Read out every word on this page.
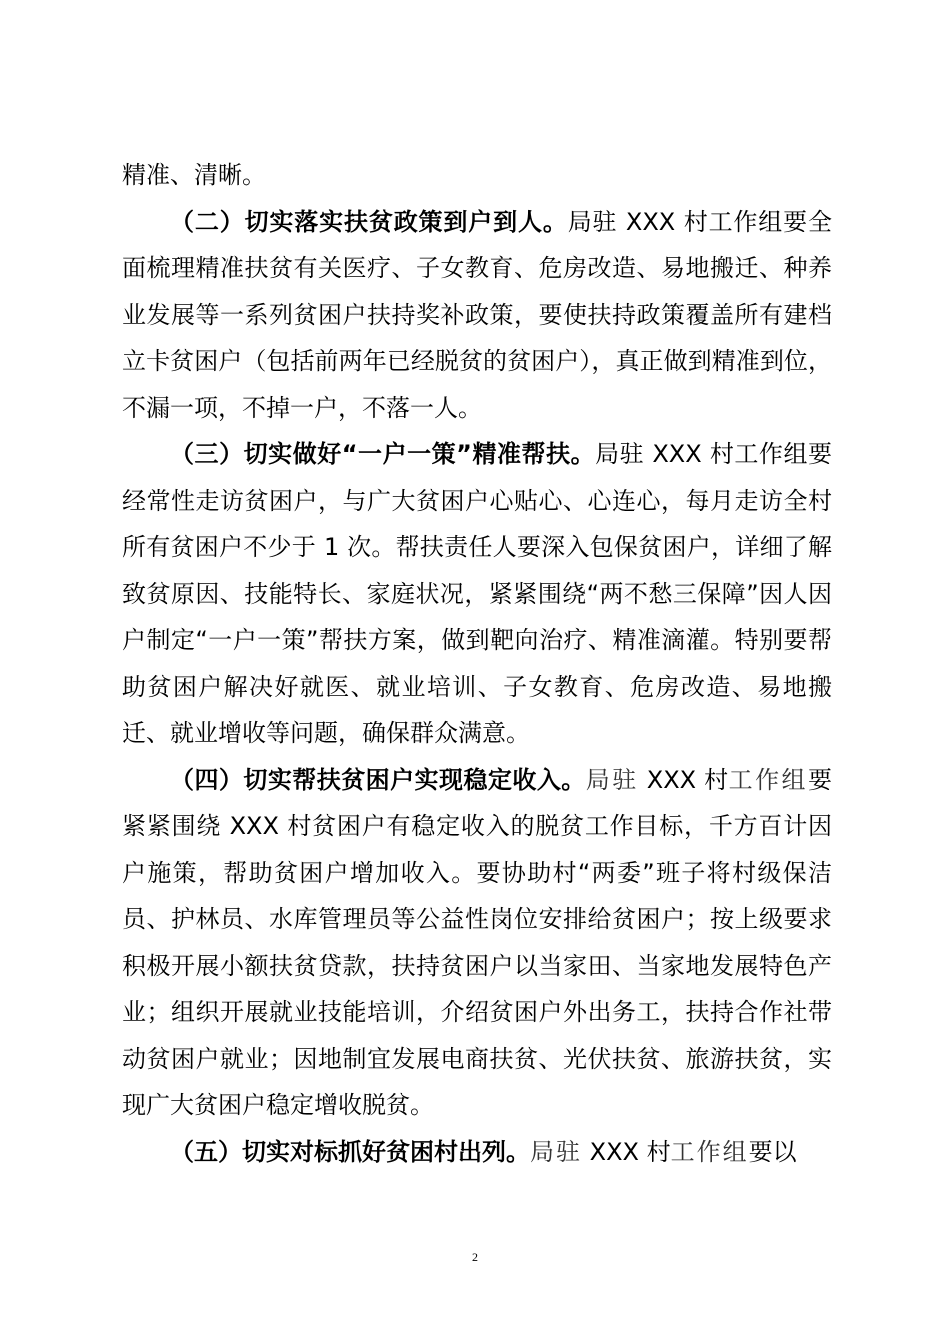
精准、清晰。

（二）切实落实扶贫政策到户到人。局驻 XXX 村工作组要全面梳理精准扶贫有关医疗、子女教育、危房改造、易地搬迁、种养业发展等一系列贫困户扶持奖补政策，要使扶持政策覆盖所有建档立卡贫困户（包括前两年已经脱贫的贫困户），真正做到精准到位，不漏一项，不掉一户，不落一人。

（三）切实做好“一户一策”精准帮扶。局驻 XXX 村工作组要经常性走访贫困户，与广大贫困户心贴心、心连心，每月走访全村所有贫困户不少于 1 次。帮扶责任人要深入包保贫困户，详细了解致贫原因、技能特长、家庭状况，紧紧围绕“两不愁三保障”因人因户制定“一户一策”帮扶方案，做到靶向治疗、精准滴灌。特别要帮助贫困户解决好就医、就业培训、子女教育、危房改造、易地搬迁、就业增收等问题，确保群众满意。

（四）切实帮扶贫困户实现稳定收入。局驻 XXX 村工作组要紧紧围绕 XXX 村贫困户有稳定收入的脱贫工作目标，千方百计因户施策，帮助贫困户增加收入。要协助村“两委”班子将村级保洁员、护林员、水库管理员等公益性岗位安排给贫困户；按上级要求积极开展小额扶贫贷款，扶持贫困户以当家田、当家地发展特色产业；组织开展就业技能培训，介绍贫困户外出务工，扶持合作社带动贫困户就业；因地制宜发展电商扶贫、光伏扶贫、旅游扶贫，实现广大贫困户稳定增收脱贫。

（五）切实对标抓好贫困村出列。局驻 XXX 村工作组要以

2
